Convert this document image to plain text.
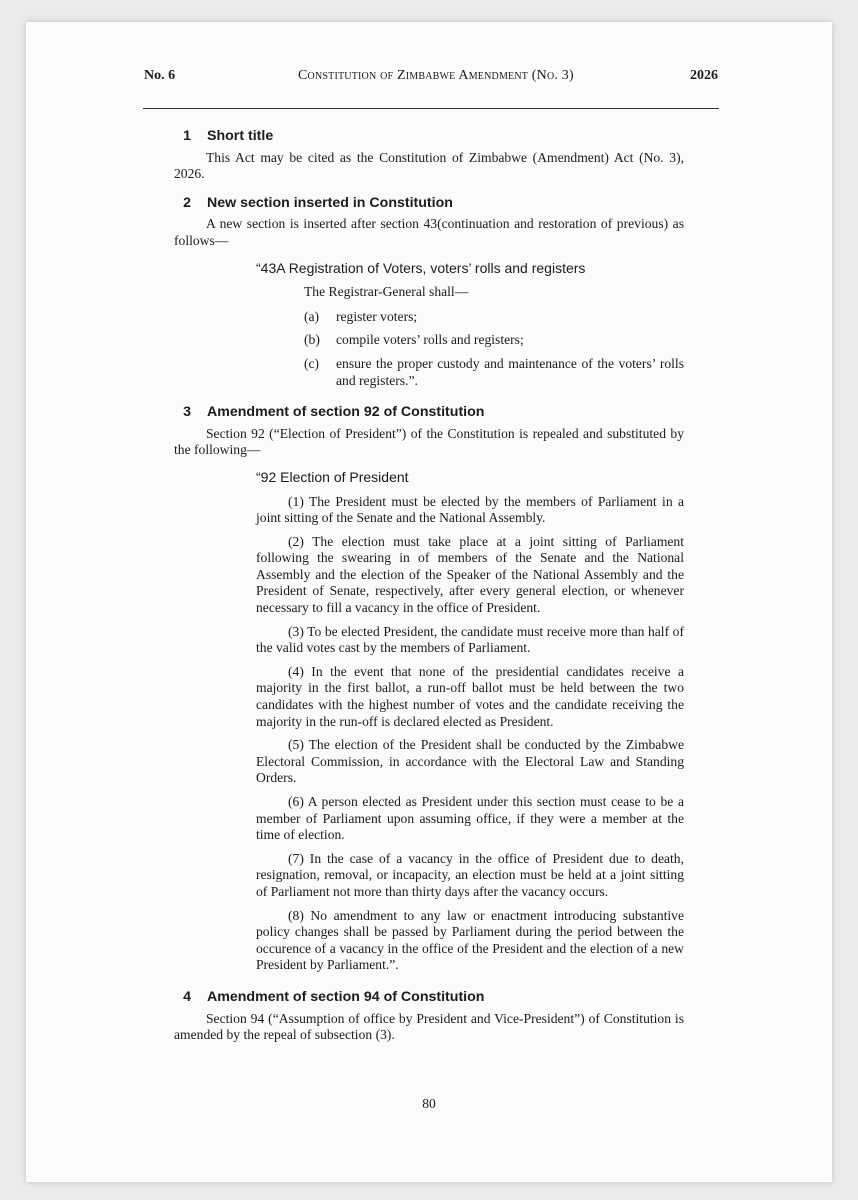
No. 6	Constitution of Zimbabwe Amendment (No. 3)	2026
1 Short title

This Act may be cited as the Constitution of Zimbabwe (Amendment) Act (No. 3), 2026.

2 New section inserted in Constitution

A new section is inserted after section 43(continuation and restoration of previous) as follows—

“43A Registration of Voters, voters’ rolls and registers
The Registrar-General shall—
(a)	register voters;
(b)	compile voters’ rolls and registers;
(c)	ensure the proper custody and maintenance of the voters’ rolls and registers.”.
3 Amendment of section 92 of Constitution

Section 92 (“Election of President”) of the Constitution is repealed and substituted by the following—

“92 Election of President

(1) The President must be elected by the members of Parliament in a joint sitting of the Senate and the National Assembly.

(2) The election must take place at a joint sitting of Parliament following the swearing in of members of the Senate and the National Assembly and the election of the Speaker of the National Assembly and the President of Senate, respectively, after every general election, or whenever necessary to fill a vacancy in the office of President.

(3) To be elected President, the candidate must receive more than half of the valid votes cast by the members of Parliament.

(4) In the event that none of the presidential candidates receive a majority in the first ballot, a run-off ballot must be held between the two candidates with the highest number of votes and the candidate receiving the majority in the run-off is declared elected as President.

(5) The election of the President shall be conducted by the Zimbabwe Electoral Commission, in accordance with the Electoral Law and Standing Orders.

(6) A person elected as President under this section must cease to be a member of Parliament upon assuming office, if they were a member at the time of election.

(7) In the case of a vacancy in the office of President due to death, resignation, removal, or incapacity, an election must be held at a joint sitting of Parliament not more than thirty days after the vacancy occurs.

(8) No amendment to any law or enactment introducing substantive policy changes shall be passed by Parliament during the period between the occurence of a vacancy in the office of the President and the election of a new President by Parliament.”.

4 Amendment of section 94 of Constitution

Section 94 (“Assumption of office by President and Vice-President”) of Constitution is amended by the repeal of subsection (3).

80
